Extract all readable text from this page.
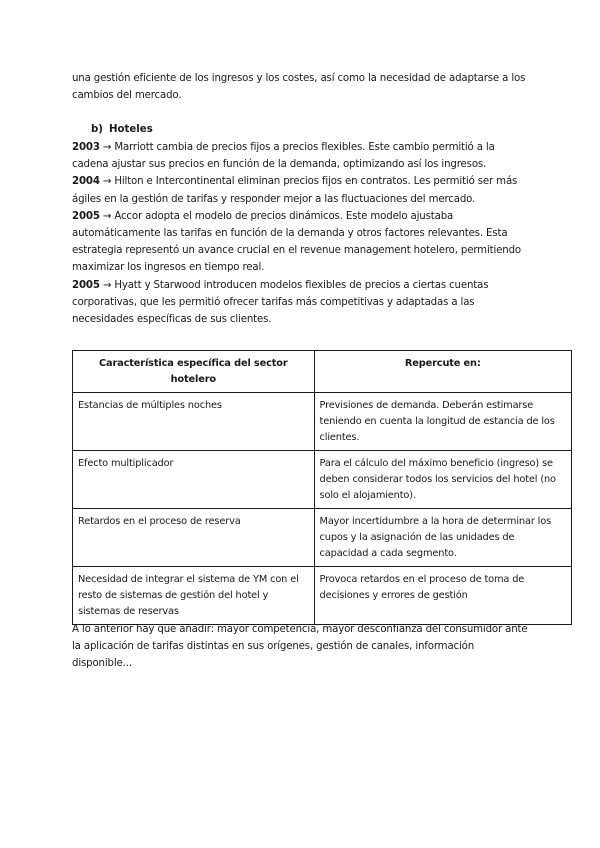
una gestión eficiente de los ingresos y los costes, así como la necesidad de adaptarse a los

cambios del mercado.

b) Hoteles

2003 → Marriott cambia de precios fijos a precios flexibles. Este cambio permitió a la

cadena ajustar sus precios en función de la demanda, optimizando así los ingresos.

2004 → Hilton e Intercontinental eliminan precios fijos en contratos. Les permitió ser más

ágiles en la gestión de tarifas y responder mejor a las fluctuaciones del mercado.

2005 → Accor adopta el modelo de precios dinámicos. Este modelo ajustaba

automáticamente las tarifas en función de la demanda y otros factores relevantes. Esta

estrategia representó un avance crucial en el revenue management hotelero, permitiendo

maximizar los ingresos en tiempo real.

2005 → Hyatt y Starwood introducen modelos flexibles de precios a ciertas cuentas

corporativas, que les permitió ofrecer tarifas más competitivas y adaptadas a las

necesidades específicas de sus clientes.

Característica específica del sector hotelero	Repercute en:
Estancias de múltiples noches	Previsiones de demanda. Deberán estimarse teniendo en cuenta la longitud de estancia de los clientes.
Efecto multiplicador	Para el cálculo del máximo beneficio (ingreso) se deben considerar todos los servicios del hotel (no solo el alojamiento).
Retardos en el proceso de reserva	Mayor incertidumbre a la hora de determinar los cupos y la asignación de las unidades de capacidad a cada segmento.
Necesidad de integrar el sistema de YM con el resto de sistemas de gestión del hotel y sistemas de reservas	Provoca retardos en el proceso de toma de decisiones y errores de gestión

A lo anterior hay que añadir: mayor competencia, mayor desconfianza del consumidor ante

la aplicación de tarifas distintas en sus orígenes, gestión de canales, información

disponible...
